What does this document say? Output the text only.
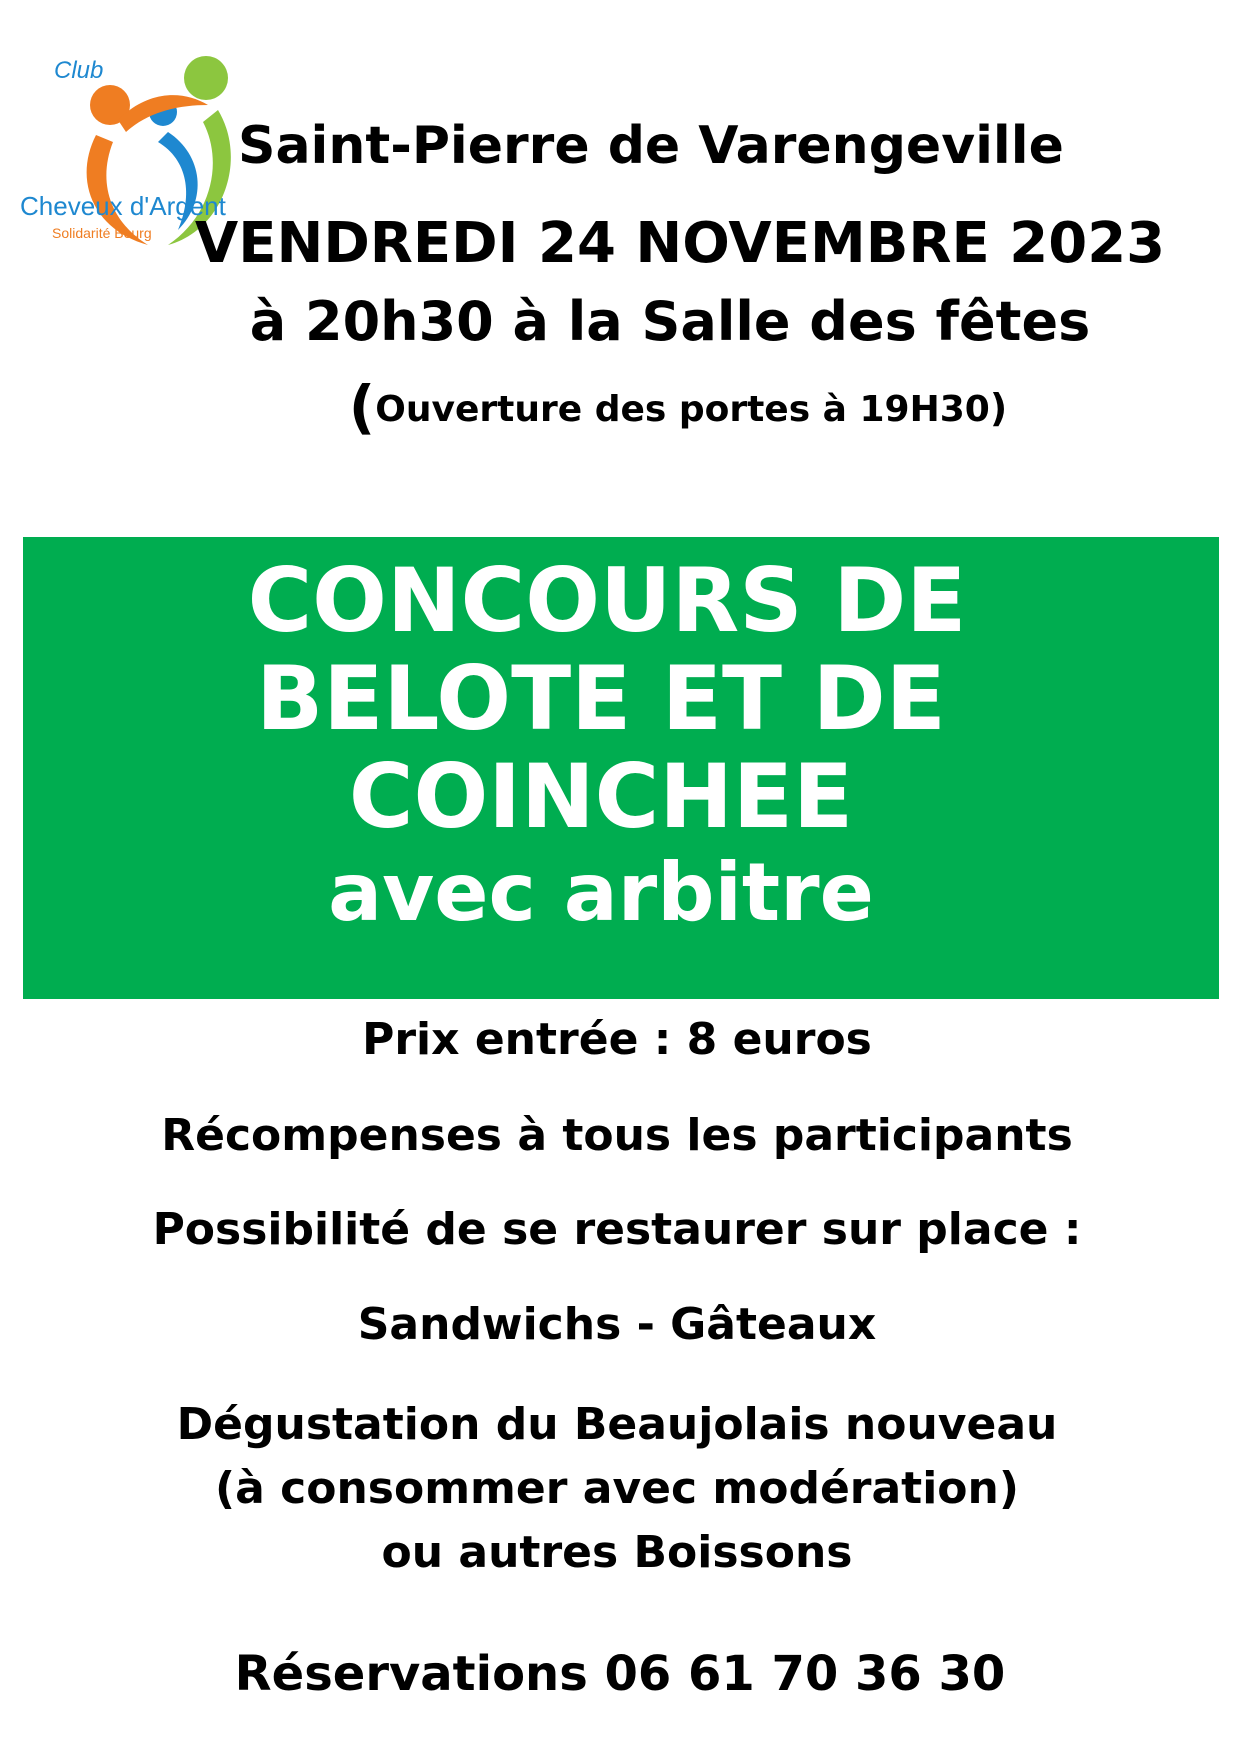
Club
Cheveux d'Argent
Solidarité Bourg
Saint-Pierre de Varengeville
VENDREDI 24 NOVEMBRE 2023
à 20h30 à la Salle des fêtes
(Ouverture des portes à 19H30)
CONCOURS DE
BELOTE ET DE
COINCHEE
avec arbitre
Prix entrée : 8 euros
Récompenses à tous les participants
Possibilité de se restaurer sur place :
Sandwichs - Gâteaux
Dégustation du Beaujolais nouveau
(à consommer avec modération)
ou autres Boissons
Réservations 06 61 70 36 30
